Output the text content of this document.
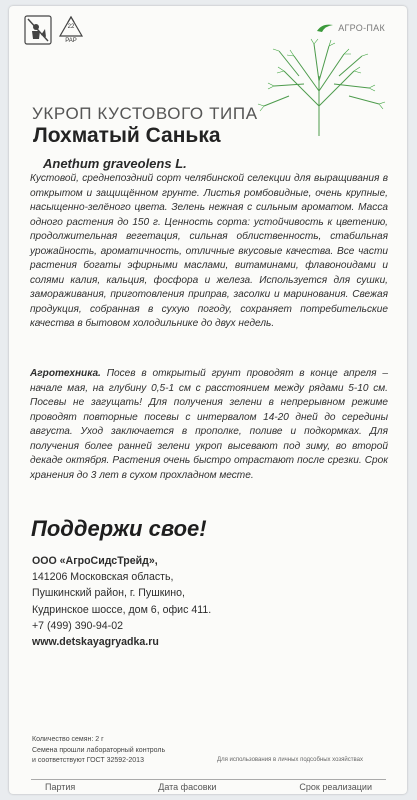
22
PAP
АГРО-ПАК
УКРОП КУСТОВОГО ТИПА
Лохматый Санька
Anethum graveolens L.

Кустовой, среднепоздний сорт челябинской селекции для выращивания в открытом и защищённом грунте. Листья ромбовидные, очень крупные, насыщенно-зелёного цвета. Зелень нежная с сильным ароматом. Масса одного растения до 150 г. Ценность сорта: устойчивость к цветению, продолжительная вегетация, сильная облиственность, стабильная урожайность, ароматичность, отличные вкусовые качества. Все части растения богаты эфирными маслами, витаминами, флавоноидами и солями калия, кальция, фосфора и железа. Используется для сушки, замораживания, приготовления приправ, засолки и маринования. Свежая продукция, собранная в сухую погоду, сохраняет потребительские качества в бытовом холодильнике до двух недель.

Агротехника. Посев в открытый грунт проводят в конце апреля – начале мая, на глубину 0,5-1 см с расстоянием между рядами 5-10 см. Посевы не загущать! Для получения зелени в непрерывном режиме проводят повторные посевы с интервалом 14-20 дней до середины августа. Уход заключается в прополке, поливе и подкормках. Для получения более ранней зелени укроп высевают под зиму, во второй декаде октября. Растения очень быстро отрастают после срезки. Срок хранения до 3 лет в сухом прохладном месте.

Поддержи свое!
ООО «АгроСидсТрейд»,
141206 Московская область,
Пушкинский район, г. Пушкино,
Кудринское шоссе, дом 6, офис 411.
+7 (499) 390-94-02
www.detskayagryadka.ru
Количество семян: 2 г
Семена прошли лабораторный контроль
и соответствуют ГОСТ 32592-2013	Для использования в личных подсобных хозяйствах
Партия	Дата фасовки	Срок реализации
